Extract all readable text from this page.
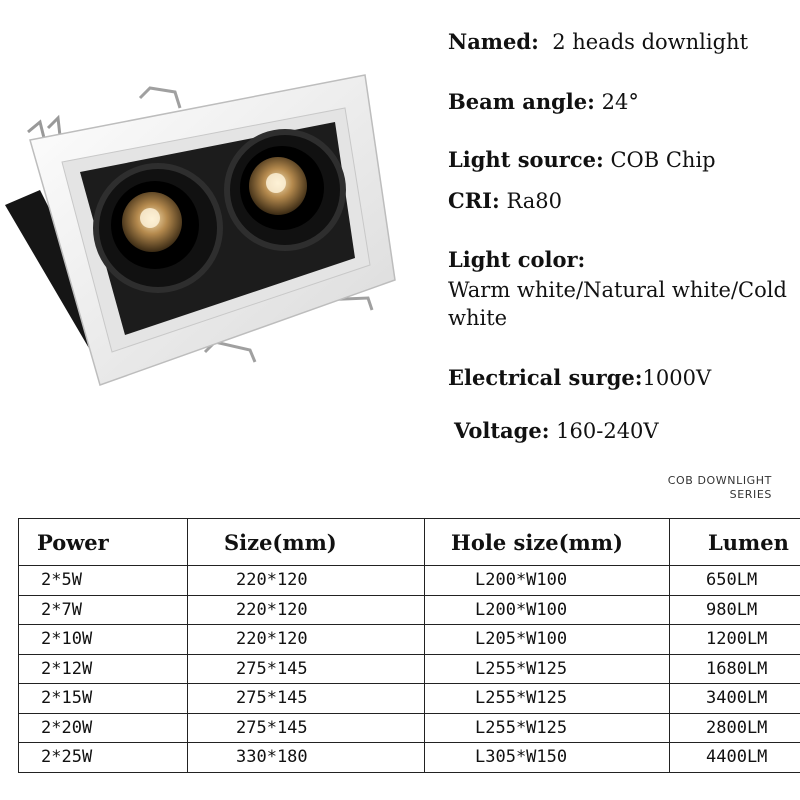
Named: 2 heads downlight
Beam angle: 24°
Light source: COB Chip
CRI: Ra80
Light color:
Warm white/Natural white/Cold white
Electrical surge:1000V
Voltage: 160-240V
COB DOWNLIGHT
SERIES
Power	Size(mm)	Hole size(mm)	Lumen
2*5W	220*120	L200*W100	650LM
2*7W	220*120	L200*W100	980LM
2*10W	220*120	L205*W100	1200LM
2*12W	275*145	L255*W125	1680LM
2*15W	275*145	L255*W125	3400LM
2*20W	275*145	L255*W125	2800LM
2*25W	330*180	L305*W150	4400LM
